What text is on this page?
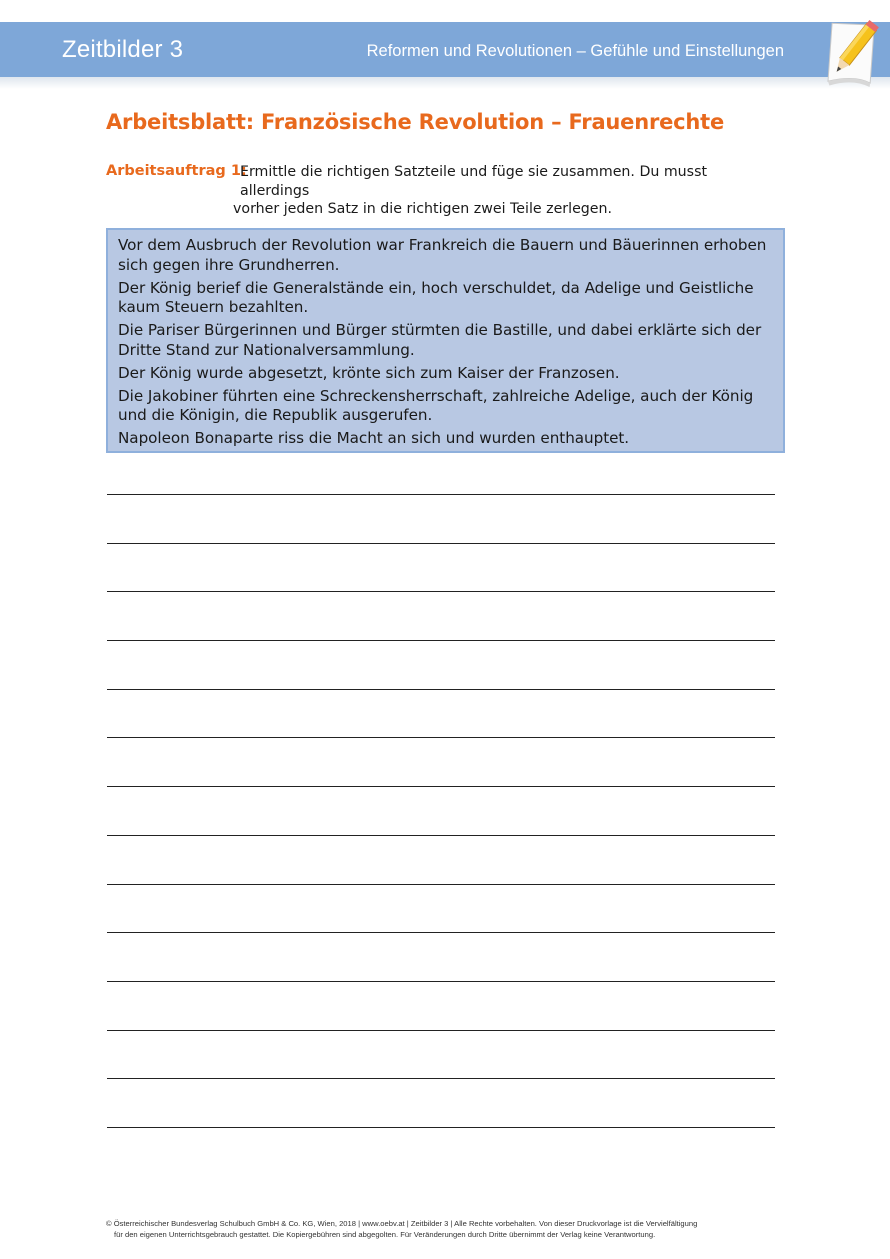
Zeitbilder 3	Reformen und Revolutionen – Gefühle und Einstellungen
Arbeitsblatt: Französische Revolution – Frauenrechte
Arbeitsauftrag 1:

Ermittle die richtigen Satzteile und füge sie zusammen. Du musst allerdings
vorher jeden Satz in die richtigen zwei Teile zerlegen.

Vor dem Ausbruch der Revolution war Frankreich die Bauern und Bäuerinnen erhoben sich gegen ihre Grundherren.

Der König berief die Generalstände ein, hoch verschuldet, da Adelige und Geistliche kaum Steuern bezahlten.

Die Pariser Bürgerinnen und Bürger stürmten die Bastille, und dabei erklärte sich der Dritte Stand zur Nationalversammlung.

Der König wurde abgesetzt, krönte sich zum Kaiser der Franzosen.

Die Jakobiner führten eine Schreckensherrschaft, zahlreiche Adelige, auch der König und die Königin, die Republik ausgerufen.

Napoleon Bonaparte riss die Macht an sich und wurden enthauptet.

© Österreichischer Bundesverlag Schulbuch GmbH & Co. KG, Wien, 2018 | www.oebv.at | Zeitbilder 3 | Alle Rechte vorbehalten. Von dieser Druckvorlage ist die Vervielfältigung
für den eigenen Unterrichtsgebrauch gestattet. Die Kopiergebühren sind abgegolten. Für Veränderungen durch Dritte übernimmt der Verlag keine Verantwortung.
